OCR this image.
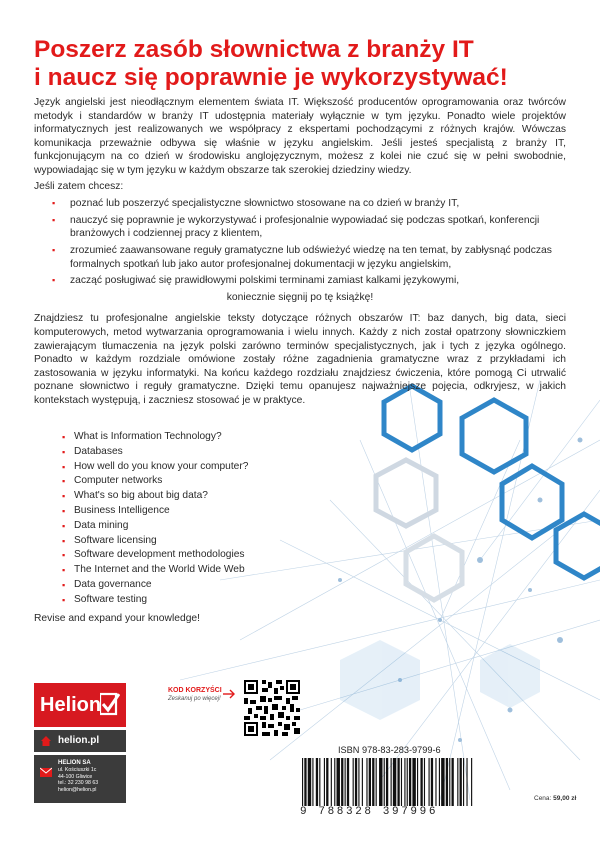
Poszerz zasób słownictwa z branży IT
i naucz się poprawnie je wykorzystywać!

Język angielski jest nieodłącznym elementem świata IT. Większość producentów oprogramowania oraz twórców metodyk i standardów w branży IT udostępnia materiały wyłącznie w tym języku. Ponadto wiele projektów informatycznych jest realizowanych we współpracy z ekspertami pochodzącymi z różnych krajów. Wówczas komunikacja przeważnie odbywa się właśnie w języku angielskim. Jeśli jesteś specjalistą z branży IT, funkcjonującym na co dzień w środowisku anglojęzycznym, możesz z kolei nie czuć się w pełni swobodnie, wypowiadając się w tym języku w każdym obszarze tak szerokiej dziedziny wiedzy.

Jeśli zatem chcesz:

▪ poznać lub poszerzyć specjalistyczne słownictwo stosowane na co dzień w branży IT,
▪ nauczyć się poprawnie je wykorzystywać i profesjonalnie wypowiadać się podczas spotkań, konferencji branżowych i codziennej pracy z klientem,
▪ zrozumieć zaawansowane reguły gramatyczne lub odświeżyć wiedzę na ten temat, by zabłysnąć podczas formalnych spotkań lub jako autor profesjonalnej dokumentacji w języku angielskim,
▪ zacząć posługiwać się prawidłowymi polskimi terminami zamiast kalkami językowymi,
koniecznie sięgnij po tę książkę!

Znajdziesz tu profesjonalne angielskie teksty dotyczące różnych obszarów IT: baz danych, big data, sieci komputerowych, metod wytwarzania oprogramowania i wielu innych. Każdy z nich został opatrzony słowniczkiem zawierającym tłumaczenia na język polski zarówno terminów specjalistycznych, jak i tych z języka ogólnego. Ponadto w każdym rozdziale omówione zostały różne zagadnienia gramatyczne wraz z przykładami ich zastosowania w języku informatyki. Na końcu każdego rozdziału znajdziesz ćwiczenia, które pomogą Ci utrwalić poznane słownictwo i reguły gramatyczne. Dzięki temu opanujesz najważniejsze pojęcia, odkryjesz, w jakich kontekstach występują, i zaczniesz stosować je w praktyce.

▪ What is Information Technology?
▪ Databases
▪ How well do you know your computer?
▪ Computer networks
▪ What's so big about big data?
▪ Business Intelligence
▪ Data mining
▪ Software licensing
▪ Software development methodologies
▪ The Internet and the World Wide Web
▪ Data governance
▪ Software testing
Revise and expand your knowledge!
Helion
helion.pl
HELION SA
ul. Kościuszki 1c
44-100 Gliwice
tel.: 32 230 98 63
helion@helion.pl
KOD KORZYŚCI
Zeskanuj po więcej!
ISBN 978-83-283-9799-6
9 788328 397996
Cena: 59,00 zł
